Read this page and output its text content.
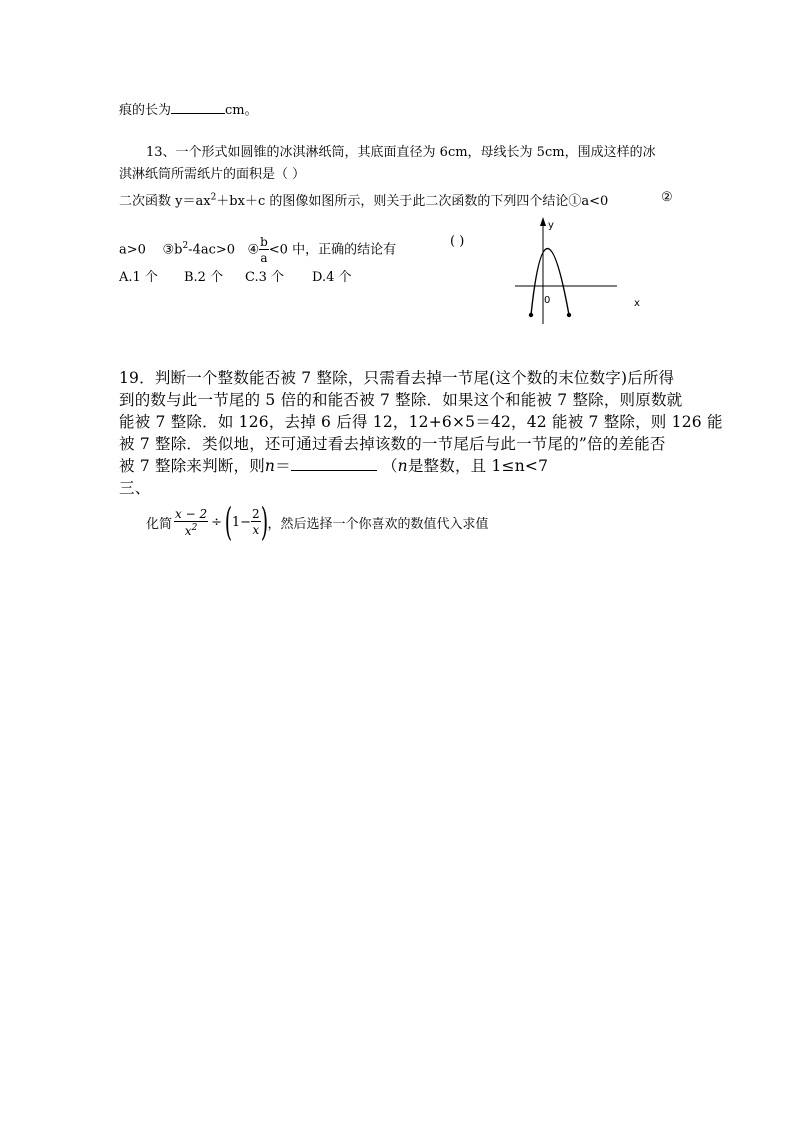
痕的长为	cm。
13、一个形式如圆锥的冰淇淋纸筒，其底面直径为 6cm，母线长为 5cm，围成这样的冰
淇淋纸筒所需纸片的面积是（ ）
二次函数 $y=ax^2+bx+c$ 的图像如图所示，则关于此二次函数的下列四个结论①a<0	②
a>0 $③b^2-4ac>0$ ④ $\frac{b}{a} <0$ 中，正确的结论有
( )
A.1 个 B.2 个 C.3 个 D.4 个
y
x
0
19．判断一个整数能否被 7 整除，只需看去掉一节尾(这个数的末位数字)后所得
到的数与此一节尾的 5 倍的和能否被 7 整除．如果这个和能被 7 整除，则原数就
能被 7 整除．如 126，去掉 6 后得 12，12+6×5＝42，42 能被 7 整除，则 126 能
被 7 整除．类似地，还可通过看去掉该数的一节尾后与此一节尾的”倍的差能否
被 7 整除来判断，则n＝	（n是整数，且 1≤n<7
三、
化简 $\frac{x - 2}{x^2}$ ÷ ( $1- \frac{2}{x}$ ) ，然后选择一个你喜欢的数值代入求值
